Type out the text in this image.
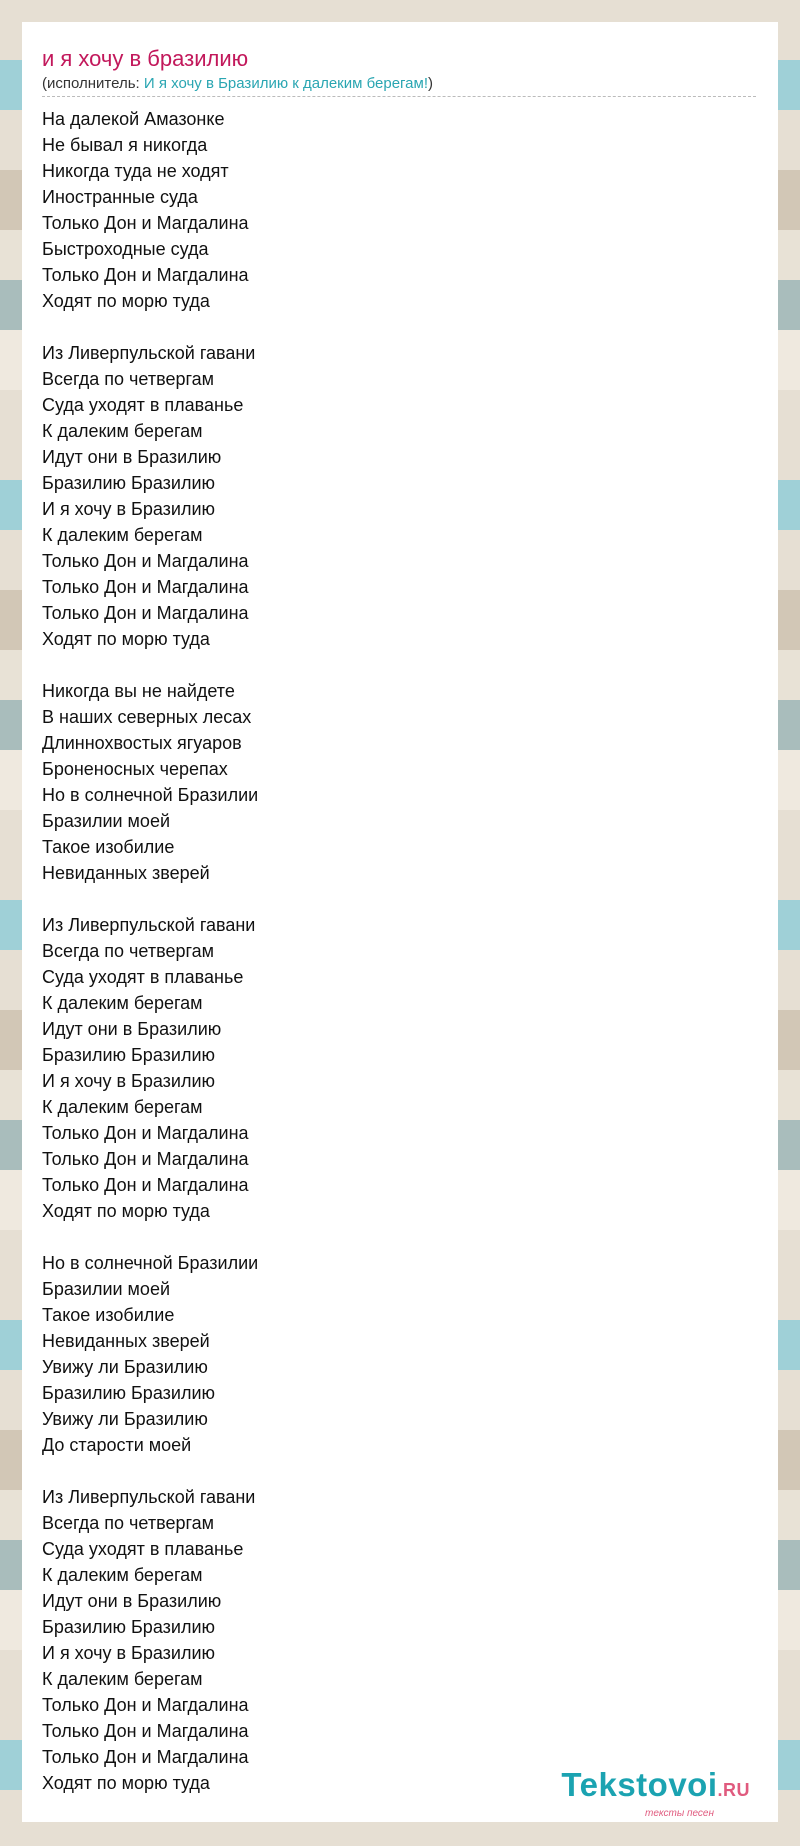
и я хочу в бразилию
(исполнитель: И я хочу в Бразилию к далеким берегам!)
На далекой Амазонке
Не бывал я никогда
Никогда туда не ходят
Иностранные суда
Только Дон и Магдалина
Быстроходные суда
Только Дон и Магдалина
Ходят по морю туда
Из Ливерпульской гавани
Всегда по четвергам
Суда уходят в плаванье
К далеким берегам
Идут они в Бразилию
Бразилию Бразилию
И я хочу в Бразилию
К далеким берегам
Только Дон и Магдалина
Только Дон и Магдалина
Только Дон и Магдалина
Ходят по морю туда
Никогда вы не найдете
В наших северных лесах
Длиннохвостых ягуаров
Броненосных черепах
Но в солнечной Бразилии
Бразилии моей
Такое изобилие
Невиданных зверей
Из Ливерпульской гавани
Всегда по четвергам
Суда уходят в плаванье
К далеким берегам
Идут они в Бразилию
Бразилию Бразилию
И я хочу в Бразилию
К далеким берегам
Только Дон и Магдалина
Только Дон и Магдалина
Только Дон и Магдалина
Ходят по морю туда
Но в солнечной Бразилии
Бразилии моей
Такое изобилие
Невиданных зверей
Увижу ли Бразилию
Бразилию Бразилию
Увижу ли Бразилию
До старости моей
Из Ливерпульской гавани
Всегда по четвергам
Суда уходят в плаванье
К далеким берегам
Идут они в Бразилию
Бразилию Бразилию
И я хочу в Бразилию
К далеким берегам
Только Дон и Магдалина
Только Дон и Магдалина
Только Дон и Магдалина
Ходят по морю туда	Tekstovoi.RU
тексты песен
